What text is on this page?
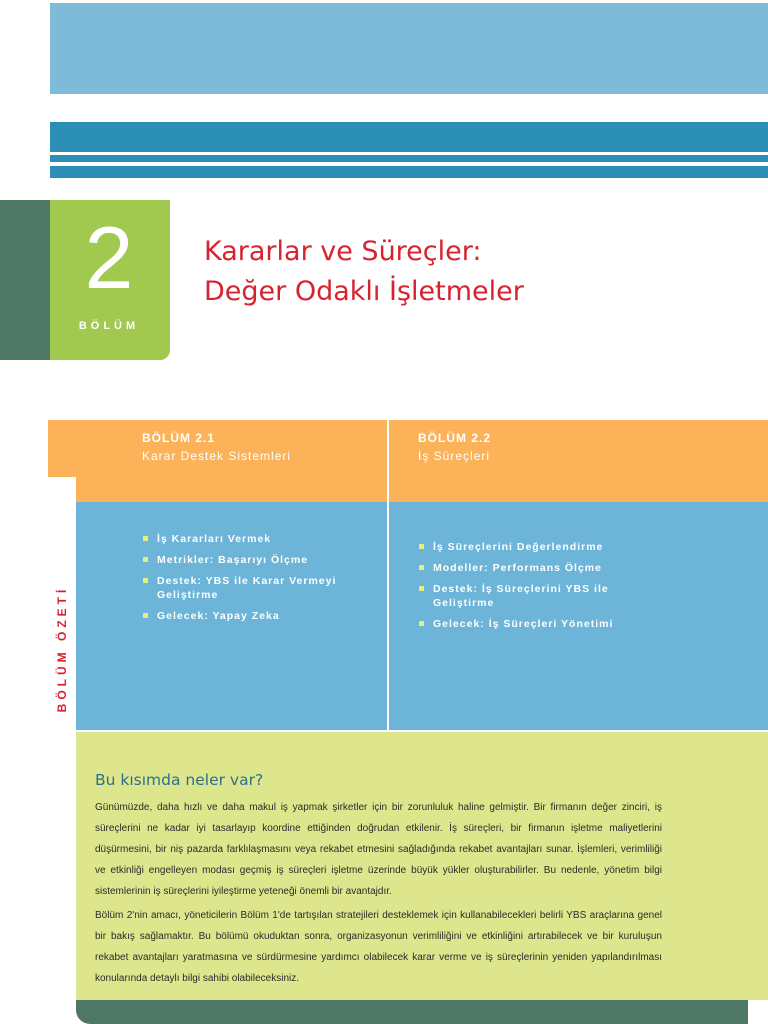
2
BÖLÜM
Kararlar ve Süreçler:
Değer Odaklı İşletmeler
BÖLÜM ÖZETİ
BÖLÜM 2.1
Karar Destek Sistemleri
BÖLÜM 2.2
İş Süreçleri
İş Kararları Vermek
Metrikler: Başarıyı Ölçme
Destek: YBS ile Karar Vermeyi Geliştirme
Gelecek: Yapay Zeka
İş Süreçlerini Değerlendirme
Modeller: Performans Ölçme
Destek: İş Süreçlerini YBS ile Geliştirme
Gelecek: İş Süreçleri Yönetimi
Bu kısımda neler var?
Günümüzde, daha hızlı ve daha makul iş yapmak şirketler için bir zorunluluk haline gelmiştir. Bir firmanın değer zinciri, iş süreçlerini ne kadar iyi tasarlayıp koordine ettiğinden doğrudan etkilenir. İş süreçleri, bir firmanın işletme maliyetlerini düşürmesini, bir niş pazarda farklılaşmasını veya rekabet etmesini sağladığında rekabet avantajları sunar. İşlemleri, verimliliği ve etkinliği engelleyen modası geçmiş iş süreçleri işletme üzerinde büyük yükler oluşturabilirler. Bu nedenle, yönetim bilgi sistemlerinin iş süreçlerini iyileştirme yeteneği önemli bir avantajdır.
Bölüm 2'nin amacı, yöneticilerin Bölüm 1'de tartışılan stratejileri desteklemek için kullanabilecekleri belirli YBS araçlarına genel bir bakış sağlamaktır. Bu bölümü okuduktan sonra, organizasyonun verimliliğini ve etkinliğini artırabilecek ve bir kuruluşun rekabet avantajları yaratmasına ve sürdürmesine yardımcı olabilecek karar verme ve iş süreçlerinin yeniden yapılandırılması konularında detaylı bilgi sahibi olabileceksiniz.
